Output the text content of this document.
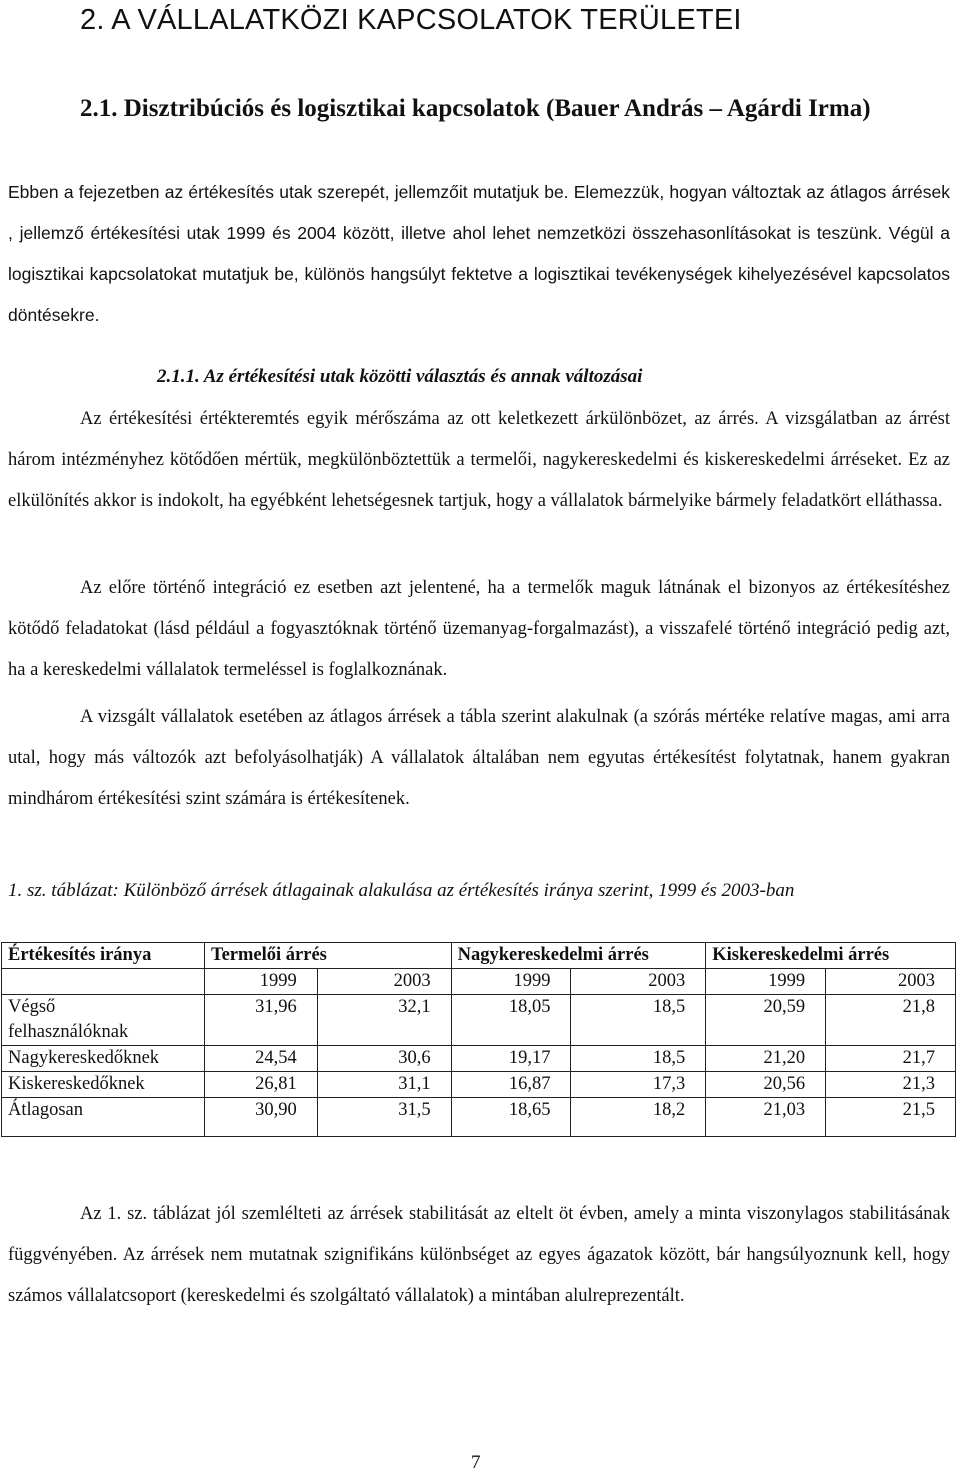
2. A VÁLLALATKÖZI KAPCSOLATOK TERÜLETEI
2.1. Disztribúciós és logisztikai kapcsolatok (Bauer András – Agárdi Irma)
Ebben a fejezetben az értékesítés utak szerepét, jellemzőit mutatjuk be. Elemezzük, hogyan változtak az átlagos árrések , jellemző értékesítési utak 1999 és 2004 között, illetve ahol lehet nemzetközi összehasonlításokat is teszünk. Végül a logisztikai kapcsolatokat mutatjuk be, különös hangsúlyt fektetve a logisztikai tevékenységek kihelyezésével kapcsolatos döntésekre.
2.1.1. Az értékesítési utak közötti választás és annak változásai
Az értékesítési értékteremtés egyik mérőszáma az ott keletkezett árkülönbözet, az árrés. A vizsgálatban az árrést három intézményhez kötődően mértük, megkülönböztettük a termelői, nagykereskedelmi és kiskereskedelmi árréseket. Ez az elkülönítés akkor is indokolt, ha egyébként lehetségesnek tartjuk, hogy a vállalatok bármelyike bármely feladatkört elláthassa.
Az előre történő integráció ez esetben azt jelentené, ha a termelők maguk látnának el bizonyos az értékesítéshez kötődő feladatokat (lásd például a fogyasztóknak történő üzemanyag-forgalmazást), a visszafelé történő integráció pedig azt, ha a kereskedelmi vállalatok termeléssel is foglalkoznának.
A vizsgált vállalatok esetében az átlagos árrések a tábla szerint alakulnak (a szórás mértéke relatíve magas, ami arra utal, hogy más változók azt befolyásolhatják) A vállalatok általában nem egyutas értékesítést folytatnak, hanem gyakran mindhárom értékesítési szint számára is értékesítenek.
1. sz. táblázat: Különböző árrések átlagainak alakulása az értékesítés iránya szerint, 1999 és 2003-ban
Értékesítés iránya	Termelői árrés		Nagykereskedelmi árrés		Kiskereskedelmi árrés	
	1999	2003	1999	2003	1999	2003
Végső felhasználóknak	31,96	32,1	18,05	18,5	20,59	21,8
Nagykereskedőknek	24,54	30,6	19,17	18,5	21,20	21,7
Kiskereskedőknek	26,81	31,1	16,87	17,3	20,56	21,3
Átlagosan	30,90	31,5	18,65	18,2	21,03	21,5
Az 1. sz. táblázat jól szemlélteti az árrések stabilitását az eltelt öt évben, amely a minta viszonylagos stabilitásának függvényében. Az árrések nem mutatnak szignifikáns különbséget az egyes ágazatok között, bár hangsúlyoznunk kell, hogy számos vállalatcsoport (kereskedelmi és szolgáltató vállalatok) a mintában alulreprezentált.
7
